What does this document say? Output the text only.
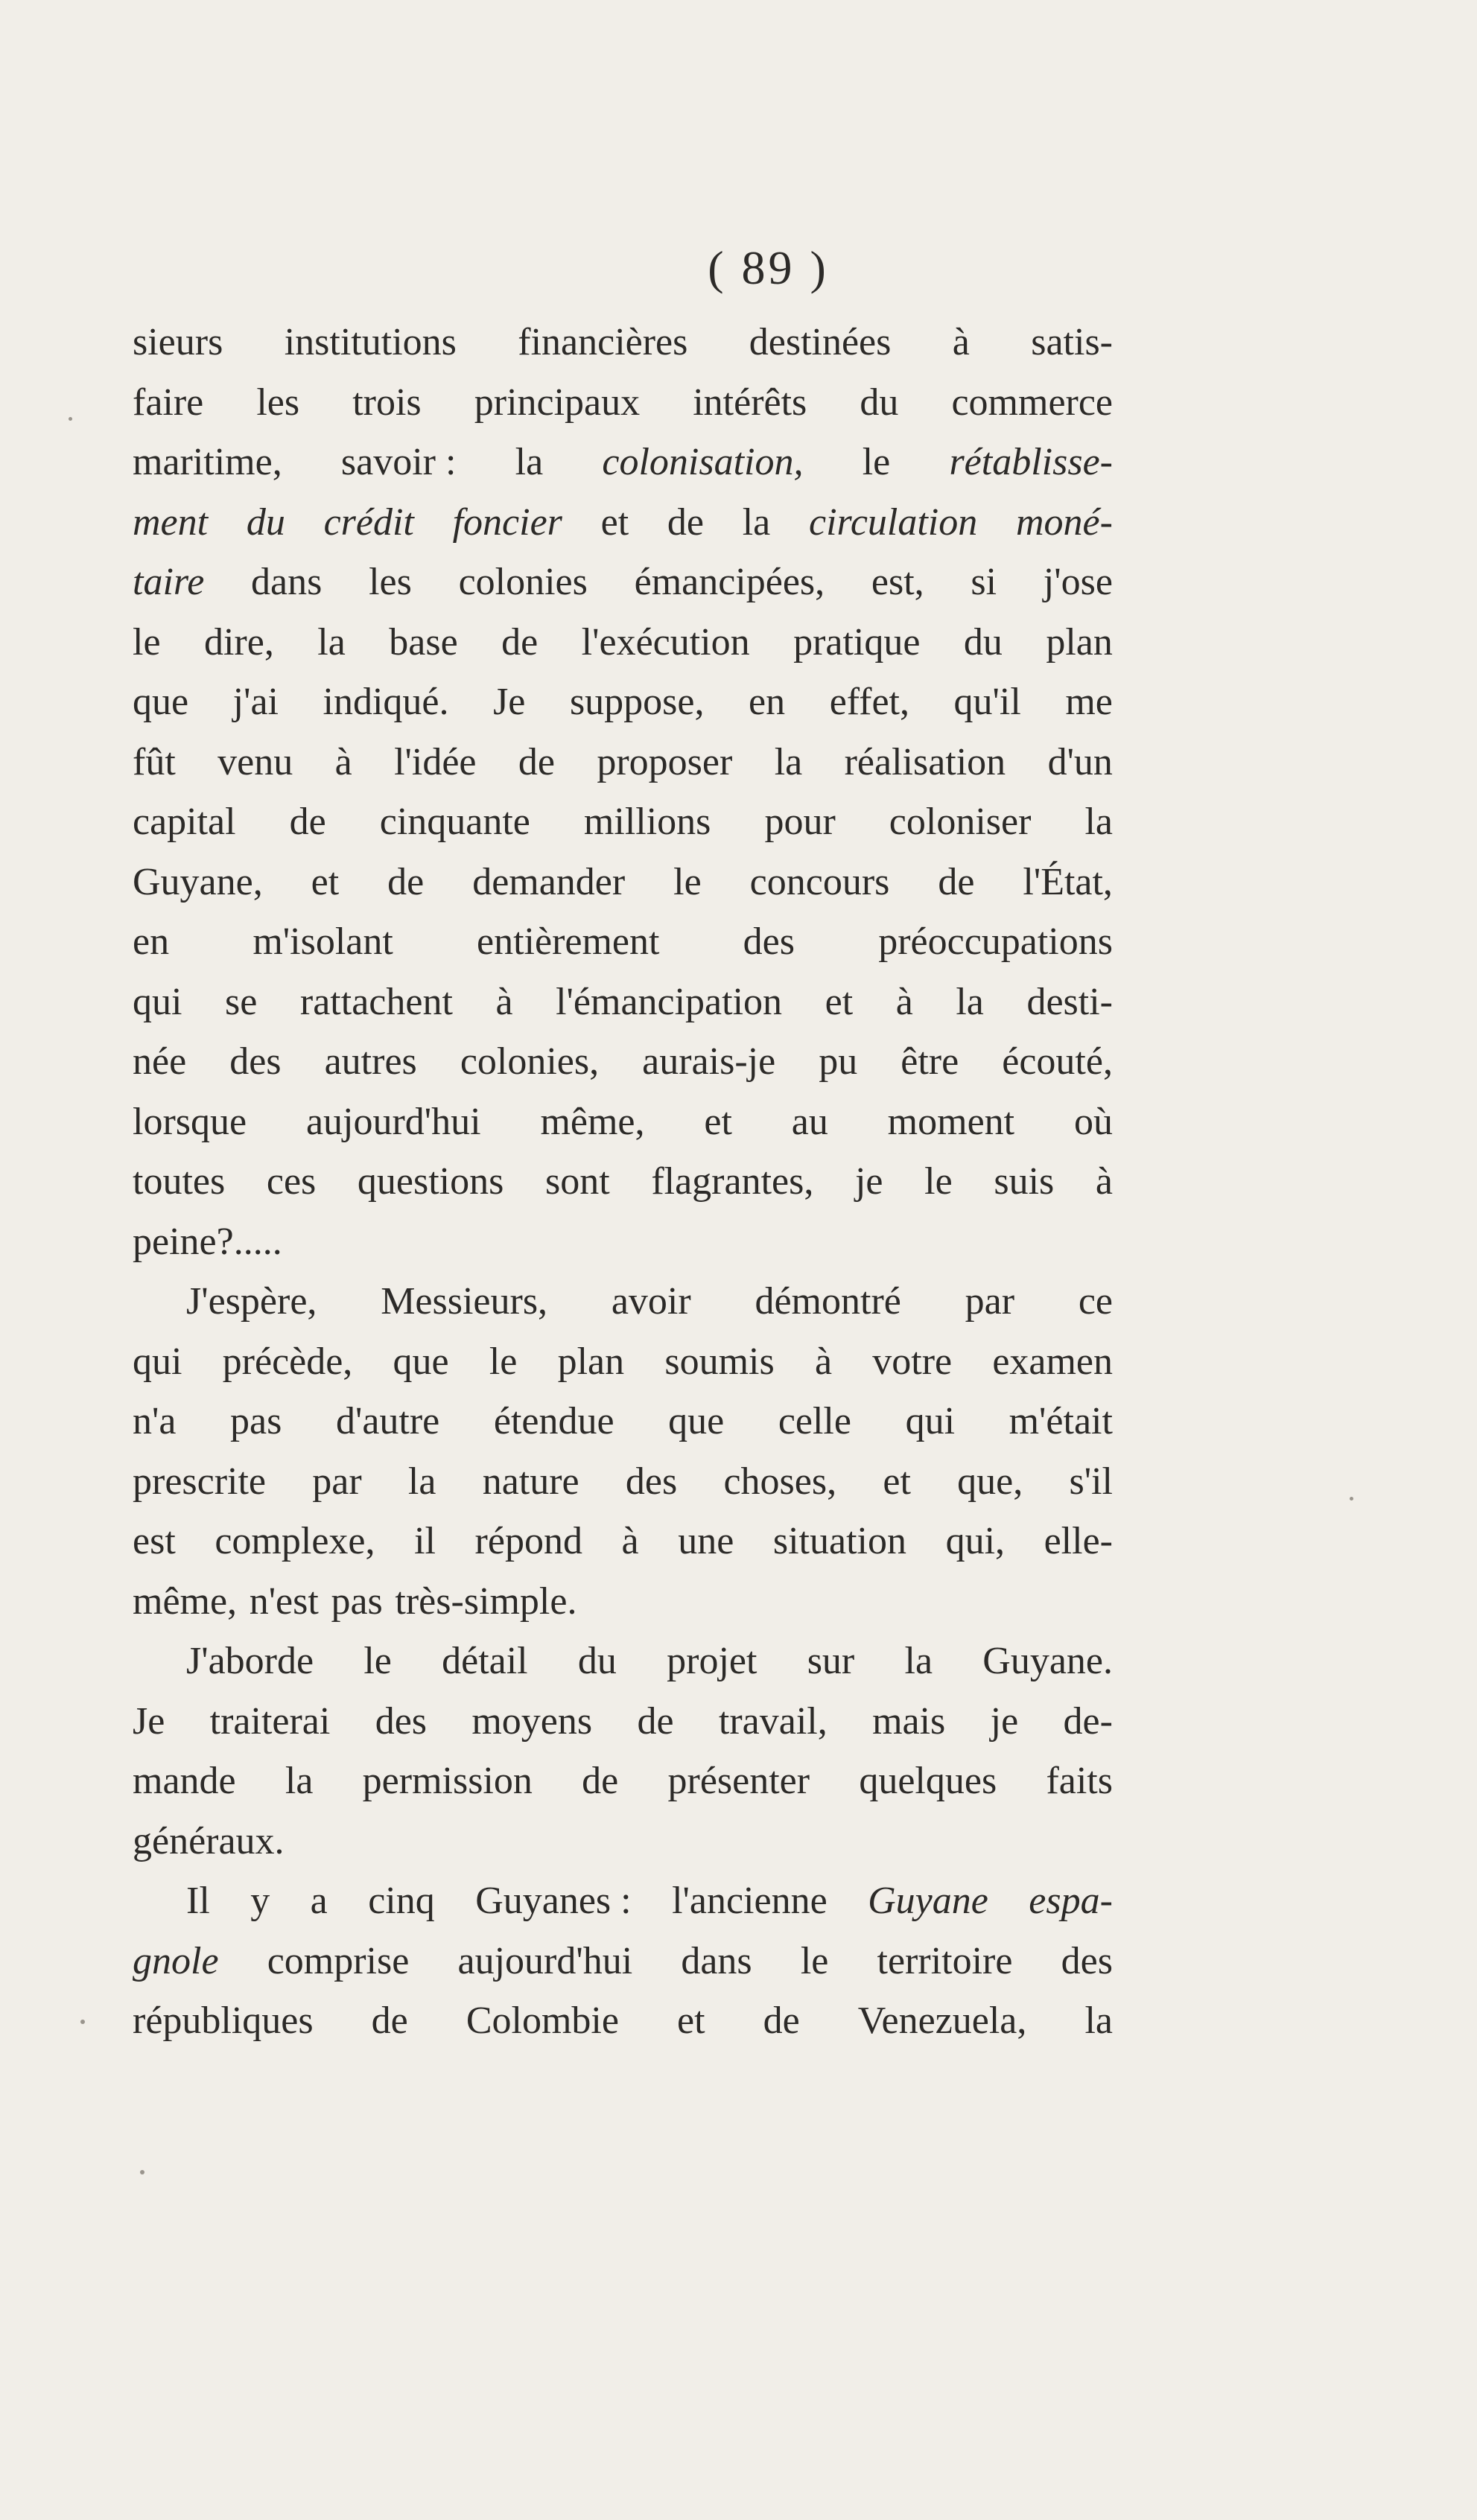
( 89 )
sieurs institutions financières destinées à satis-
faire les trois principaux intérêts du commerce
maritime, savoir : la colonisation, le rétablisse-
ment du crédit foncier et de la circulation moné-
taire dans les colonies émancipées, est, si j'ose
le dire, la base de l'exécution pratique du plan
que j'ai indiqué. Je suppose, en effet, qu'il me
fût venu à l'idée de proposer la réalisation d'un
capital de cinquante millions pour coloniser la
Guyane, et de demander le concours de l'État,
en m'isolant entièrement des préoccupations
qui se rattachent à l'émancipation et à la desti-
née des autres colonies, aurais-je pu être écouté,
lorsque aujourd'hui même, et au moment où
toutes ces questions sont flagrantes, je le suis à
peine?.....
J'espère, Messieurs, avoir démontré par ce
qui précède, que le plan soumis à votre examen
n'a pas d'autre étendue que celle qui m'était
prescrite par la nature des choses, et que, s'il
est complexe, il répond à une situation qui, elle-
même, n'est pas très-simple.
J'aborde le détail du projet sur la Guyane.
Je traiterai des moyens de travail, mais je de-
mande la permission de présenter quelques faits
généraux.
Il y a cinq Guyanes : l'ancienne Guyane espa-
gnole comprise aujourd'hui dans le territoire des
républiques de Colombie et de Venezuela, la
